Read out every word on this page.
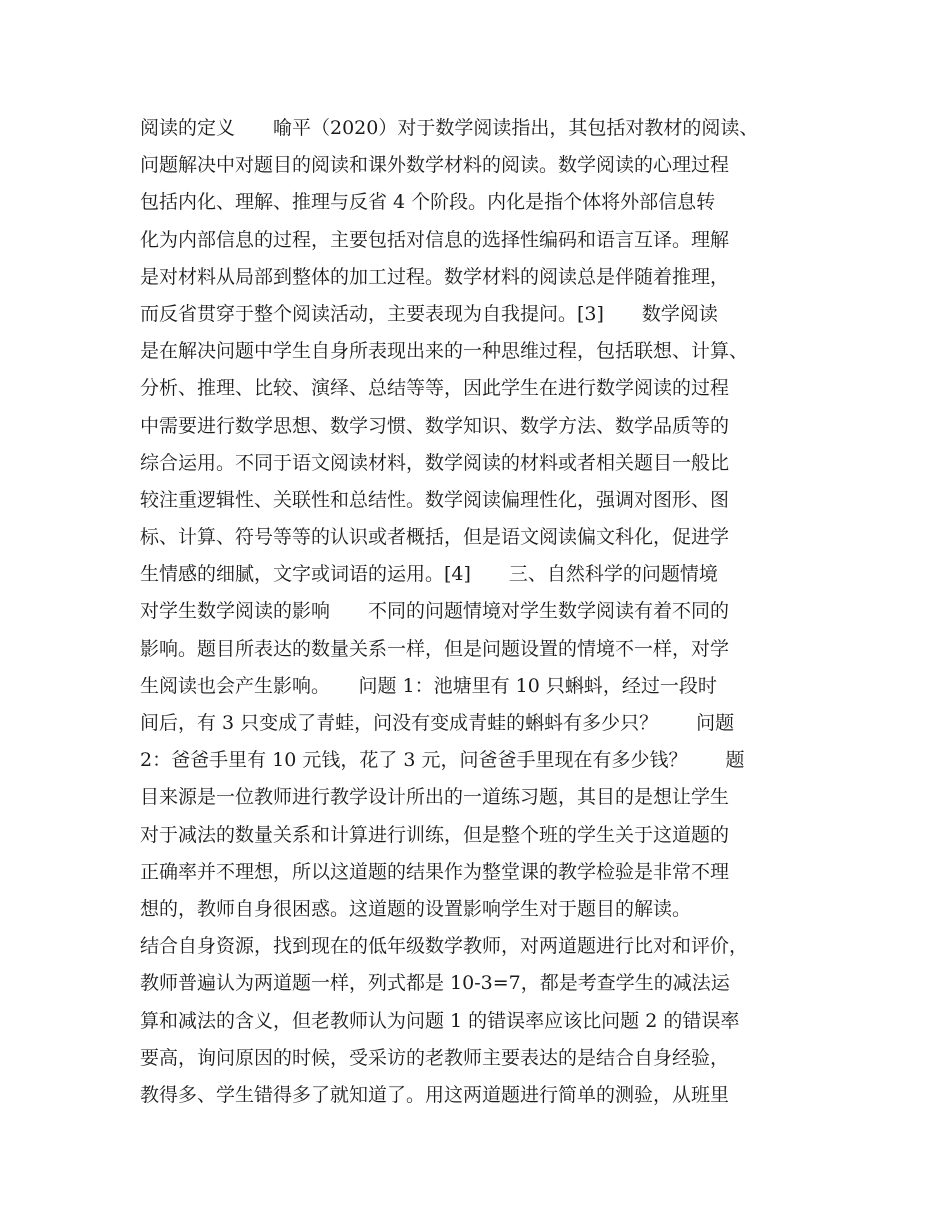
阅读的定义　　喻平（2020）对于数学阅读指出，其包括对教材的阅读、
问题解决中对题目的阅读和课外数学材料的阅读。数学阅读的心理过程
包括内化、理解、推理与反省 4 个阶段。内化是指个体将外部信息转
化为内部信息的过程，主要包括对信息的选择性编码和语言互译。理解
是对材料从局部到整体的加工过程。数学材料的阅读总是伴随着推理，
而反省贯穿于整个阅读活动，主要表现为自我提问。[3]　　数学阅读
是在解决问题中学生自身所表现出来的一种思维过程，包括联想、计算、
分析、推理、比较、演绎、总结等等，因此学生在进行数学阅读的过程
中需要进行数学思想、数学习惯、数学知识、数学方法、数学品质等的
综合运用。不同于语文阅读材料，数学阅读的材料或者相关题目一般比
较注重逻辑性、关联性和总结性。数学阅读偏理性化，强调对图形、图
标、计算、符号等等的认识或者概括，但是语文阅读偏文科化，促进学
生情感的细腻，文字或词语的运用。[4]　　三、自然科学的问题情境
对学生数学阅读的影响　　不同的问题情境对学生数学阅读有着不同的
影响。题目所表达的数量关系一样，但是问题设置的情境不一样，对学
生阅读也会产生影响。　　问题 1：池塘里有 10 只蝌蚪，经过一段时
间后，有 3 只变成了青蛙，问没有变成青蛙的蝌蚪有多少只？　　问题
2：爸爸手里有 10 元钱，花了 3 元，问爸爸手里现在有多少钱？　　题
目来源是一位教师进行教学设计所出的一道练习题，其目的是想让学生
对于减法的数量关系和计算进行训练，但是整个班的学生关于这道题的
正确率并不理想，所以这道题的结果作为整堂课的教学检验是非常不理
想的，教师自身很困惑。这道题的设置影响学生对于题目的解读。
结合自身资源，找到现在的低年级数学教师，对两道题进行比对和评价，
教师普遍认为两道题一样，列式都是 10-3=7，都是考查学生的减法运
算和减法的含义，但老教师认为问题 1 的错误率应该比问题 2 的错误率
要高，询问原因的时候，受采访的老教师主要表达的是结合自身经验，
教得多、学生错得多了就知道了。用这两道题进行简单的测验，从班里
